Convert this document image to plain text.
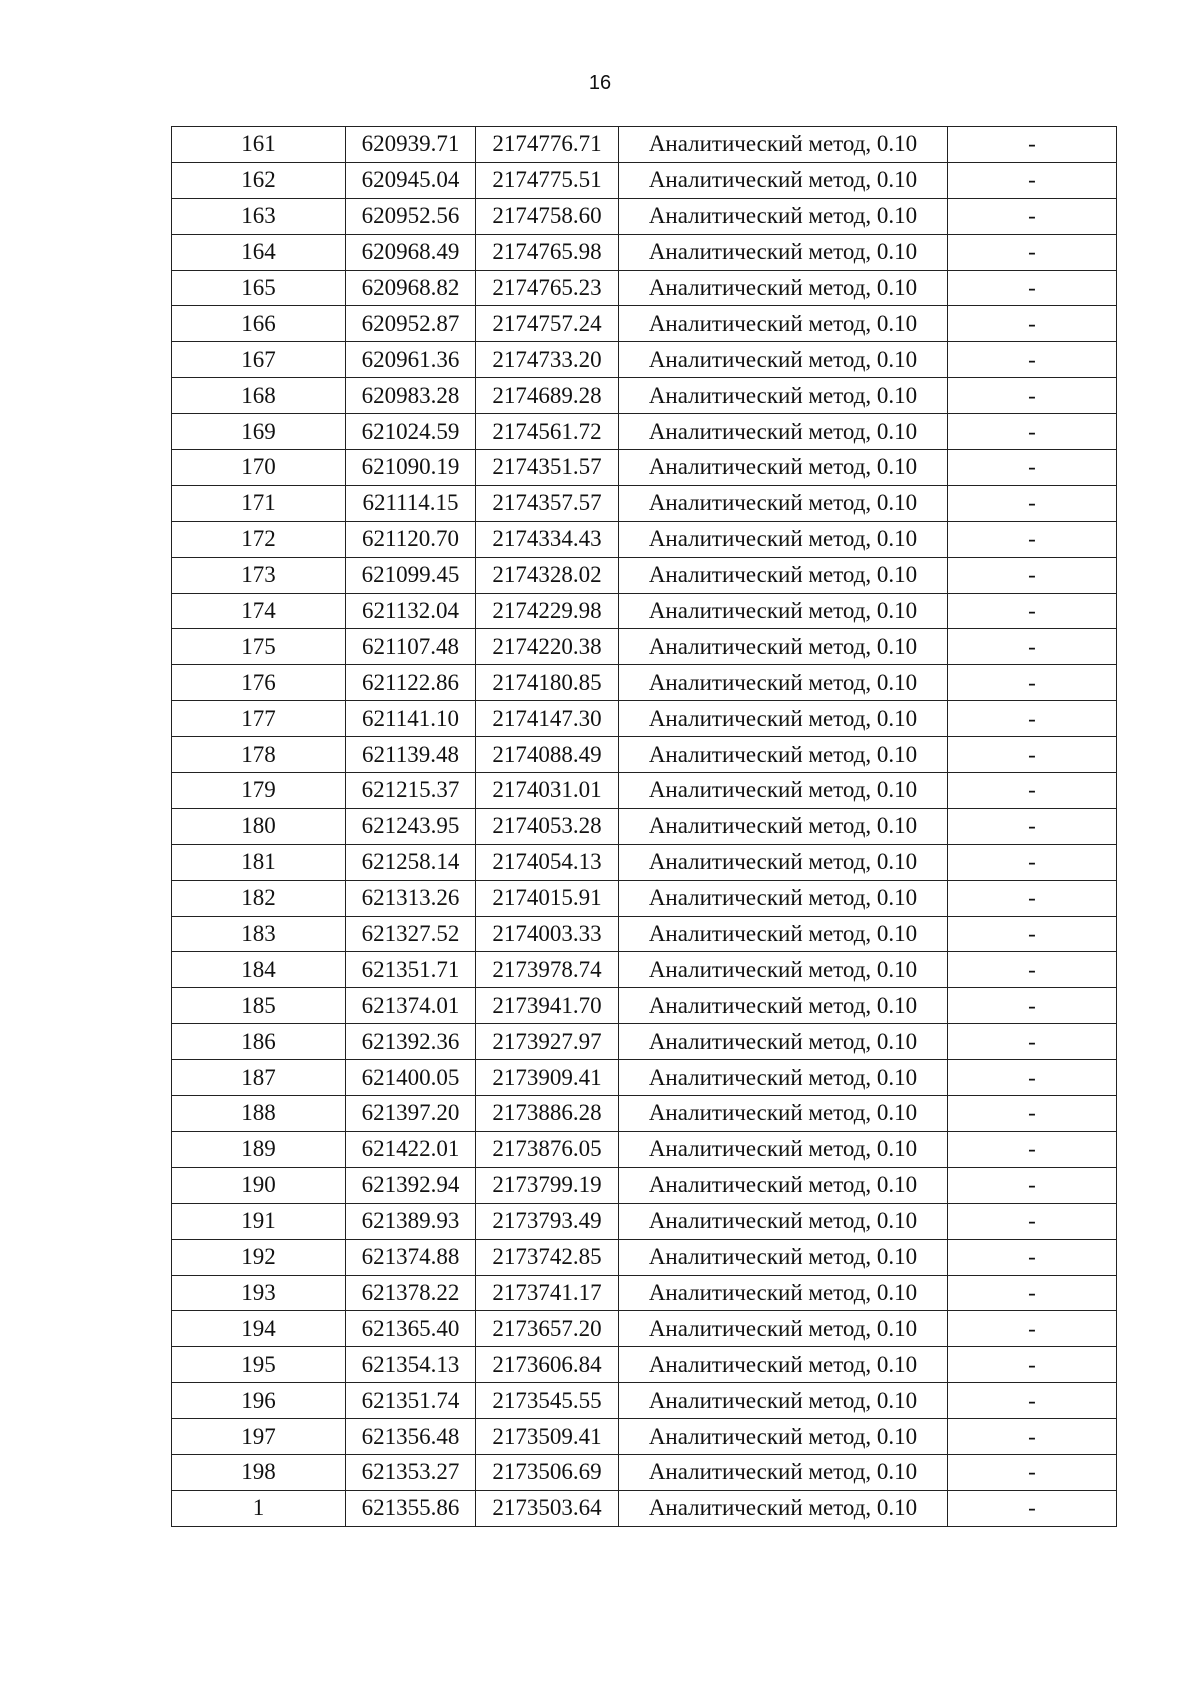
16
161	620939.71	2174776.71	Аналитический метод, 0.10	-
162	620945.04	2174775.51	Аналитический метод, 0.10	-
163	620952.56	2174758.60	Аналитический метод, 0.10	-
164	620968.49	2174765.98	Аналитический метод, 0.10	-
165	620968.82	2174765.23	Аналитический метод, 0.10	-
166	620952.87	2174757.24	Аналитический метод, 0.10	-
167	620961.36	2174733.20	Аналитический метод, 0.10	-
168	620983.28	2174689.28	Аналитический метод, 0.10	-
169	621024.59	2174561.72	Аналитический метод, 0.10	-
170	621090.19	2174351.57	Аналитический метод, 0.10	-
171	621114.15	2174357.57	Аналитический метод, 0.10	-
172	621120.70	2174334.43	Аналитический метод, 0.10	-
173	621099.45	2174328.02	Аналитический метод, 0.10	-
174	621132.04	2174229.98	Аналитический метод, 0.10	-
175	621107.48	2174220.38	Аналитический метод, 0.10	-
176	621122.86	2174180.85	Аналитический метод, 0.10	-
177	621141.10	2174147.30	Аналитический метод, 0.10	-
178	621139.48	2174088.49	Аналитический метод, 0.10	-
179	621215.37	2174031.01	Аналитический метод, 0.10	-
180	621243.95	2174053.28	Аналитический метод, 0.10	-
181	621258.14	2174054.13	Аналитический метод, 0.10	-
182	621313.26	2174015.91	Аналитический метод, 0.10	-
183	621327.52	2174003.33	Аналитический метод, 0.10	-
184	621351.71	2173978.74	Аналитический метод, 0.10	-
185	621374.01	2173941.70	Аналитический метод, 0.10	-
186	621392.36	2173927.97	Аналитический метод, 0.10	-
187	621400.05	2173909.41	Аналитический метод, 0.10	-
188	621397.20	2173886.28	Аналитический метод, 0.10	-
189	621422.01	2173876.05	Аналитический метод, 0.10	-
190	621392.94	2173799.19	Аналитический метод, 0.10	-
191	621389.93	2173793.49	Аналитический метод, 0.10	-
192	621374.88	2173742.85	Аналитический метод, 0.10	-
193	621378.22	2173741.17	Аналитический метод, 0.10	-
194	621365.40	2173657.20	Аналитический метод, 0.10	-
195	621354.13	2173606.84	Аналитический метод, 0.10	-
196	621351.74	2173545.55	Аналитический метод, 0.10	-
197	621356.48	2173509.41	Аналитический метод, 0.10	-
198	621353.27	2173506.69	Аналитический метод, 0.10	-
1	621355.86	2173503.64	Аналитический метод, 0.10	-
